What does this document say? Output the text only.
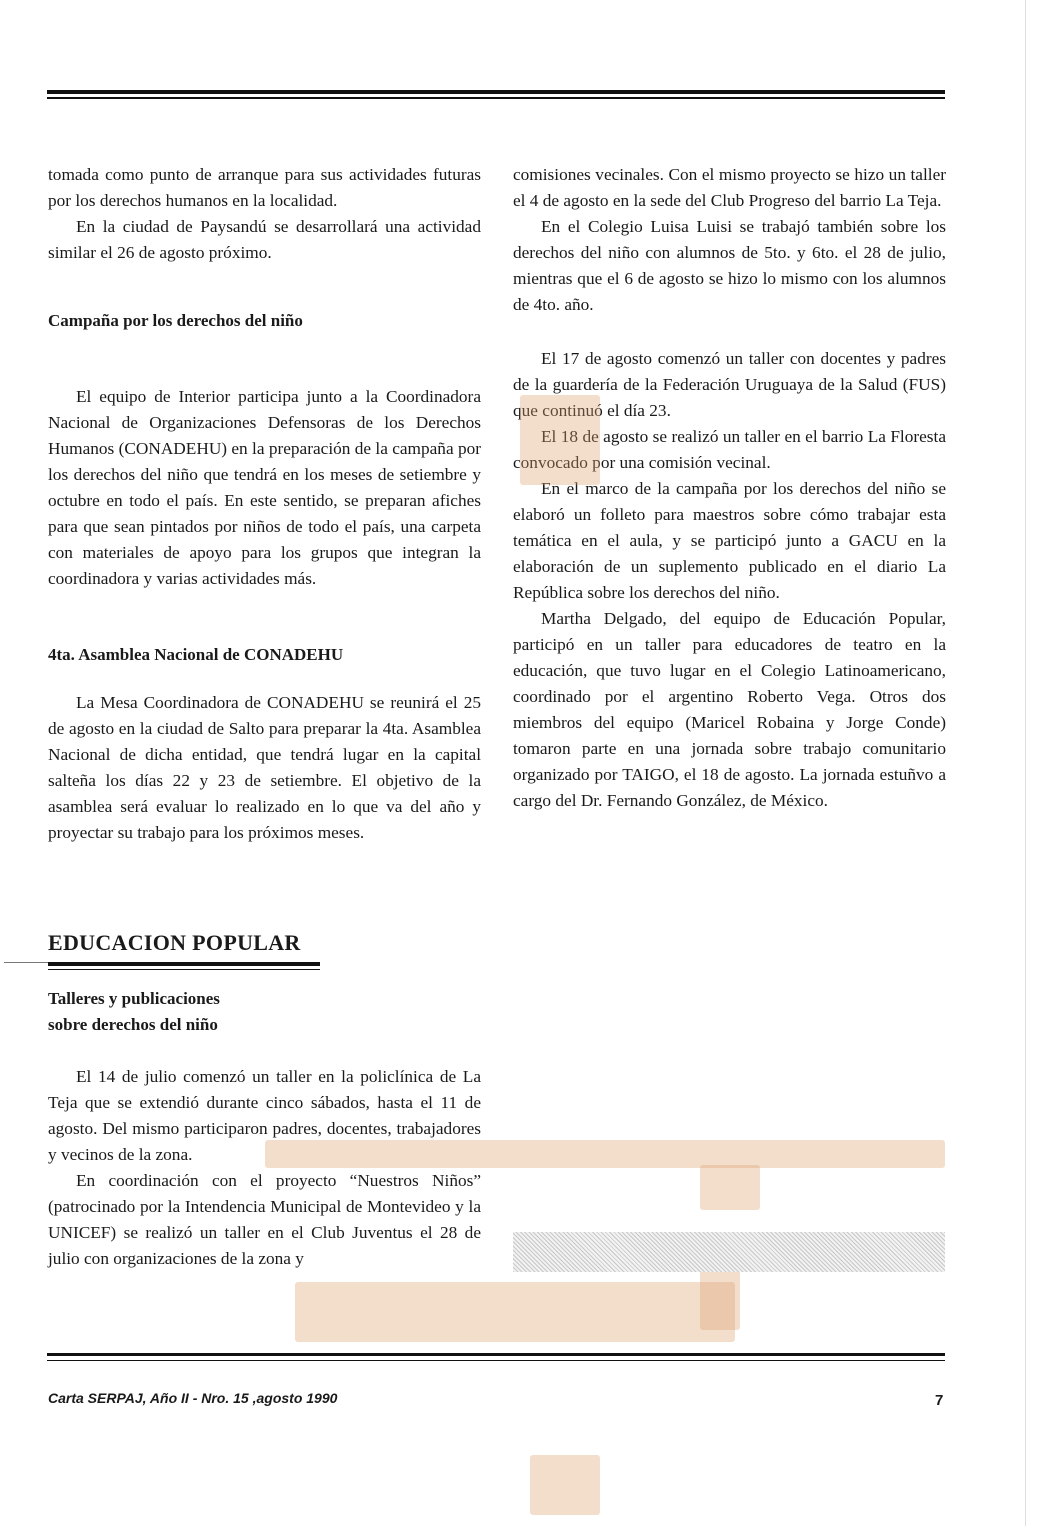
tomada como punto de arranque para sus actividades futuras por los derechos humanos en la localidad.

En la ciudad de Paysandú se desarrollará una actividad similar el 26 de agosto próximo.

Campaña por los derechos del niño

El equipo de Interior participa junto a la Coordinadora Nacional de Organizaciones Defensoras de los Derechos Humanos (CONADEHU) en la preparación de la campaña por los derechos del niño que tendrá en los meses de setiembre y octubre en todo el país. En este sentido, se preparan afiches para que sean pintados por niños de todo el país, una carpeta con materiales de apoyo para los grupos que integran la coordinadora y varias actividades más.

4ta. Asamblea Nacional de CONADEHU

La Mesa Coordinadora de CONADEHU se reunirá el 25 de agosto en la ciudad de Salto para preparar la 4ta. Asamblea Nacional de dicha entidad, que tendrá lugar en la capital salteña los días 22 y 23 de setiembre. El objetivo de la asamblea será evaluar lo realizado en lo que va del año y proyectar su trabajo para los próximos meses.

EDUCACION POPULAR
Talleres y publicaciones
sobre derechos del niño

El 14 de julio comenzó un taller en la policlínica de La Teja que se extendió durante cinco sábados, hasta el 11 de agosto. Del mismo participaron padres, docentes, trabajadores y vecinos de la zona.

En coordinación con el proyecto “Nuestros Niños” (patrocinado por la Intendencia Municipal de Montevideo y la UNICEF) se realizó un taller en el Club Juventus el 28 de julio con organizaciones de la zona y

comisiones vecinales. Con el mismo proyecto se hizo un taller el 4 de agosto en la sede del Club Progreso del barrio La Teja.

En el Colegio Luisa Luisi se trabajó también sobre los derechos del niño con alumnos de 5to. y 6to. el 28 de julio, mientras que el 6 de agosto se hizo lo mismo con los alumnos de 4to. año.

El 17 de agosto comenzó un taller con docentes y padres de la guardería de la Federación Uruguaya de la Salud (FUS) que continuó el día 23.

El 18 de agosto se realizó un taller en el barrio La Floresta convocado por una comisión vecinal.

En el marco de la campaña por los derechos del niño se elaboró un folleto para maestros sobre cómo trabajar esta temática en el aula, y se participó junto a GACU en la elaboración de un suplemento publicado en el diario La República sobre los derechos del niño.

Martha Delgado, del equipo de Educación Popular, participó en un taller para educadores de teatro en la educación, que tuvo lugar en el Colegio Latinoamericano, coordinado por el argentino Roberto Vega. Otros dos miembros del equipo (Maricel Robaina y Jorge Conde) tomaron parte en una jornada sobre trabajo comunitario organizado por TAIGO, el 18 de agosto. La jornada estuñvo a cargo del Dr. Fernando González, de México.

Carta SERPAJ, Año II - Nro. 15 ,agosto 1990	7
